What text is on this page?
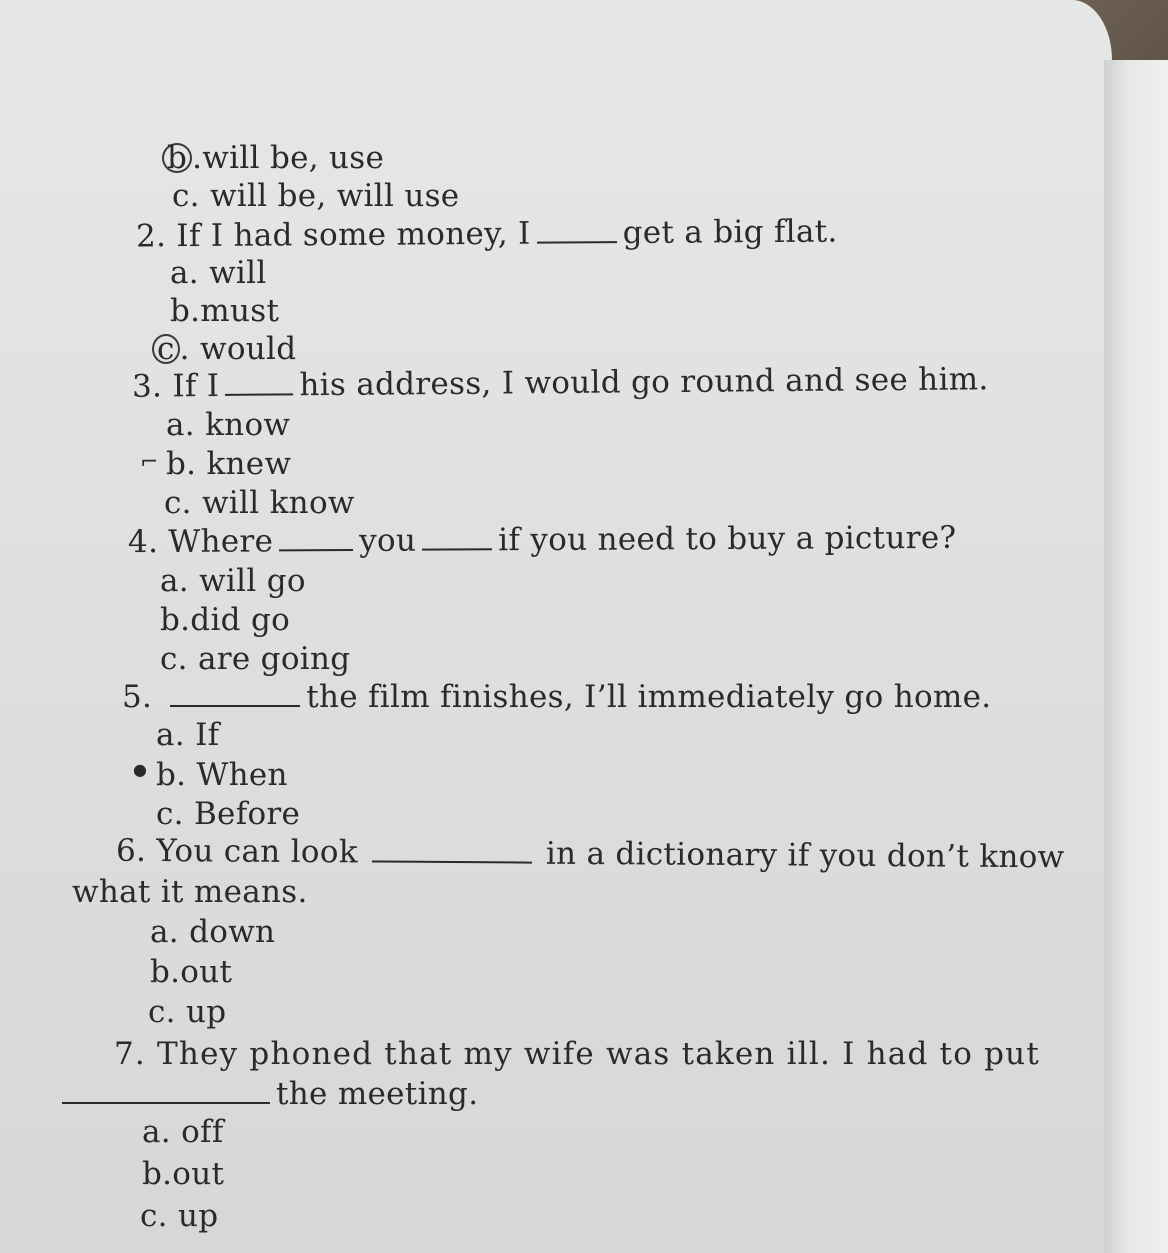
b .will be, use
c. will be, will use
2. If I had some money, I	get a big flat.
a. will
b.must
c . would
3. If I	his address, I would go round and see him.
a. know
⌐ b. knew
c. will know
4. Where	you	if you need to buy a picture?
a. will go
b.did go
c. are going
5.	the film finishes, I’ll immediately go home.
a. If
● b. When
c. Before
6. You can look	in a dictionary if you don’t know
what it means.
a. down
b.out
c. up
7. They phoned that my wife was taken ill. I had to put
the meeting.
a. off
b.out
c. up
